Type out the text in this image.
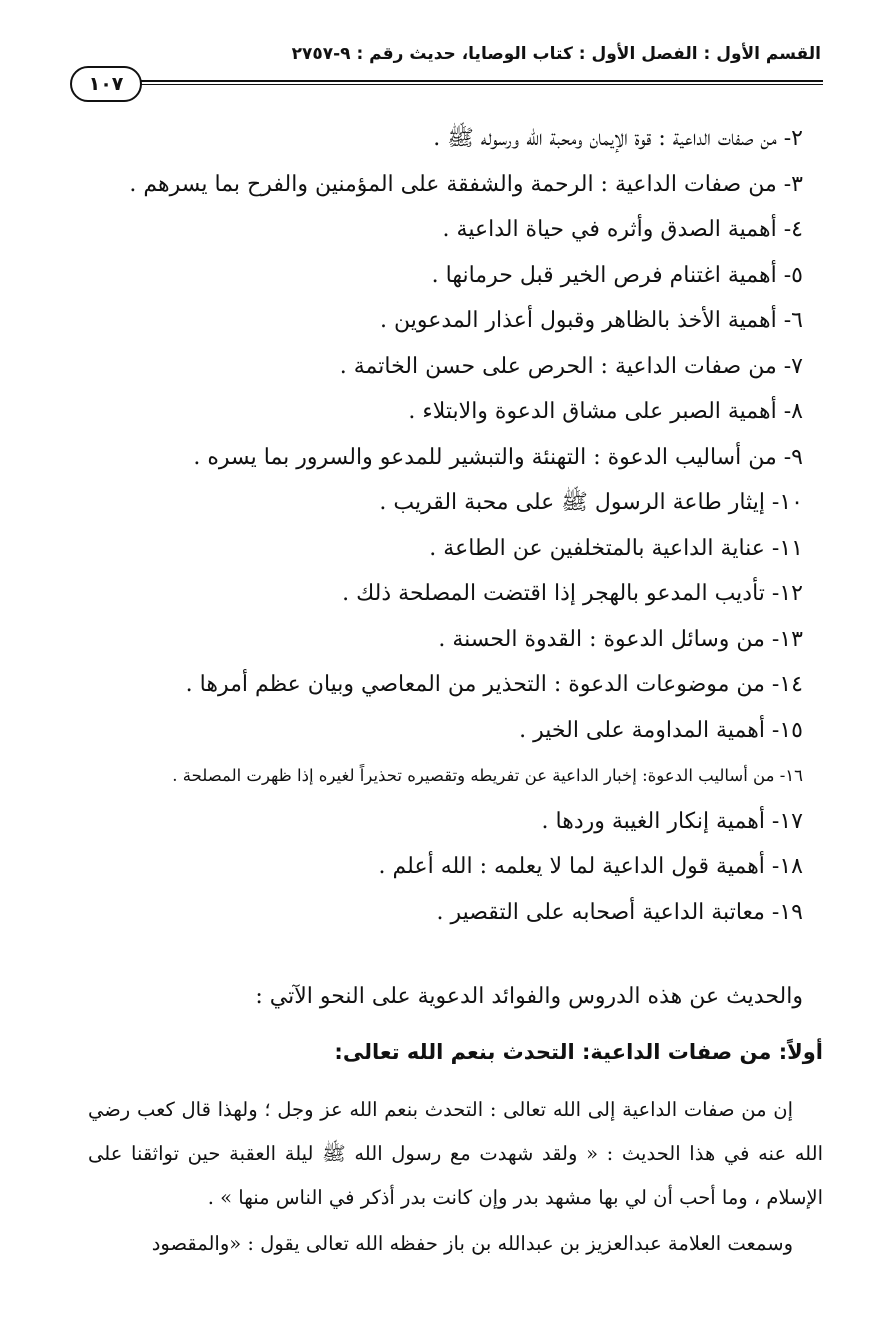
القسم الأول : الفصل الأول : كتاب الوصايا، حديث رقم : ٩-٢٧٥٧
١٠٧
٢- من صفات الداعية : قوة الإيمان ومحبة الله ورسوله ﷺ .
٣- من صفات الداعية : الرحمة والشفقة على المؤمنين والفرح بما يسرهم .
٤- أهمية الصدق وأثره في حياة الداعية .
٥- أهمية اغتنام فرص الخير قبل حرمانها .
٦- أهمية الأخذ بالظاهر وقبول أعذار المدعوين .
٧- من صفات الداعية : الحرص على حسن الخاتمة .
٨- أهمية الصبر على مشاق الدعوة والابتلاء .
٩- من أساليب الدعوة : التهنئة والتبشير للمدعو والسرور بما يسره .
١٠- إيثار طاعة الرسول ﷺ على محبة القريب .
١١- عناية الداعية بالمتخلفين عن الطاعة .
١٢- تأديب المدعو بالهجر إذا اقتضت المصلحة ذلك .
١٣- من وسائل الدعوة : القدوة الحسنة .
١٤- من موضوعات الدعوة : التحذير من المعاصي وبيان عظم أمرها .
١٥- أهمية المداومة على الخير .
١٦- من أساليب الدعوة: إخبار الداعية عن تفريطه وتقصيره تحذيراً لغيره إذا ظهرت المصلحة .
١٧- أهمية إنكار الغيبة وردها .
١٨- أهمية قول الداعية لما لا يعلمه : الله أعلم .
١٩- معاتبة الداعية أصحابه على التقصير .
والحديث عن هذه الدروس والفوائد الدعوية على النحو الآتي :
أولاً: من صفات الداعية: التحدث بنعم الله تعالى:

إن من صفات الداعية إلى الله تعالى : التحدث بنعم الله عز وجل ؛ ولهذا قال كعب رضي الله عنه في هذا الحديث : « ولقد شهدت مع رسول الله ﷺ ليلة العقبة حين تواثقنا على الإسلام ، وما أحب أن لي بها مشهد بدر وإن كانت بدر أذكر في الناس منها » .

وسمعت العلامة عبدالعزيز بن عبدالله بن باز حفظه الله تعالى يقول : «والمقصود
